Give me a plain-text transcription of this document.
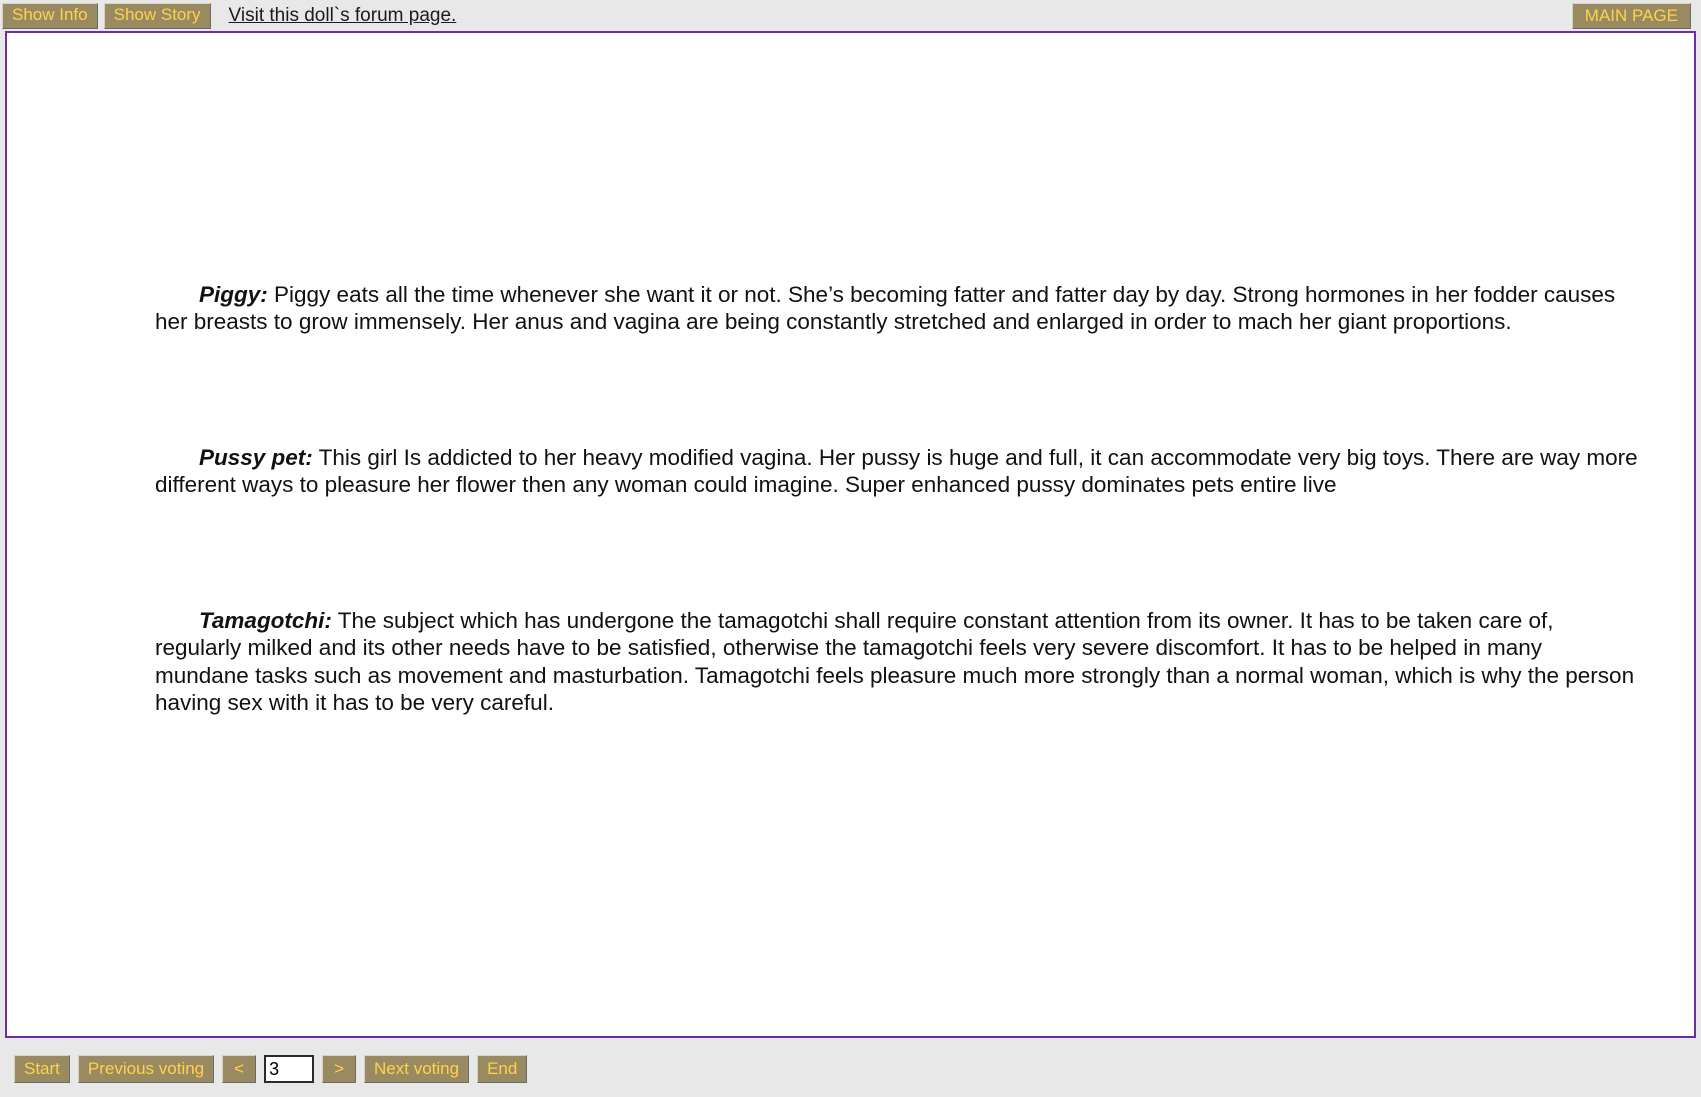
Show Info	Show Story	Visit this doll`s forum page.	MAIN PAGE

Piggy: Piggy eats all the time whenever she want it or not. She’s becoming fatter and fatter day by day. Strong hormones in her fodder causes her breasts to grow immensely. Her anus and vagina are being constantly stretched and enlarged in order to mach her giant proportions.

Pussy pet: This girl Is addicted to her heavy modified vagina. Her pussy is huge and full, it can accommodate very big toys. There are way more different ways to pleasure her flower then any woman could imagine. Super enhanced pussy dominates pets entire live

Tamagotchi: The subject which has undergone the tamagotchi shall require constant attention from its owner. It has to be taken care of, regularly milked and its other needs have to be satisfied, otherwise the tamagotchi feels very severe discomfort. It has to be helped in many mundane tasks such as movement and masturbation. Tamagotchi feels pleasure much more strongly than a normal woman, which is why the person having sex with it has to be very careful.

Start	Previous voting	<
3	>	Next voting	End
